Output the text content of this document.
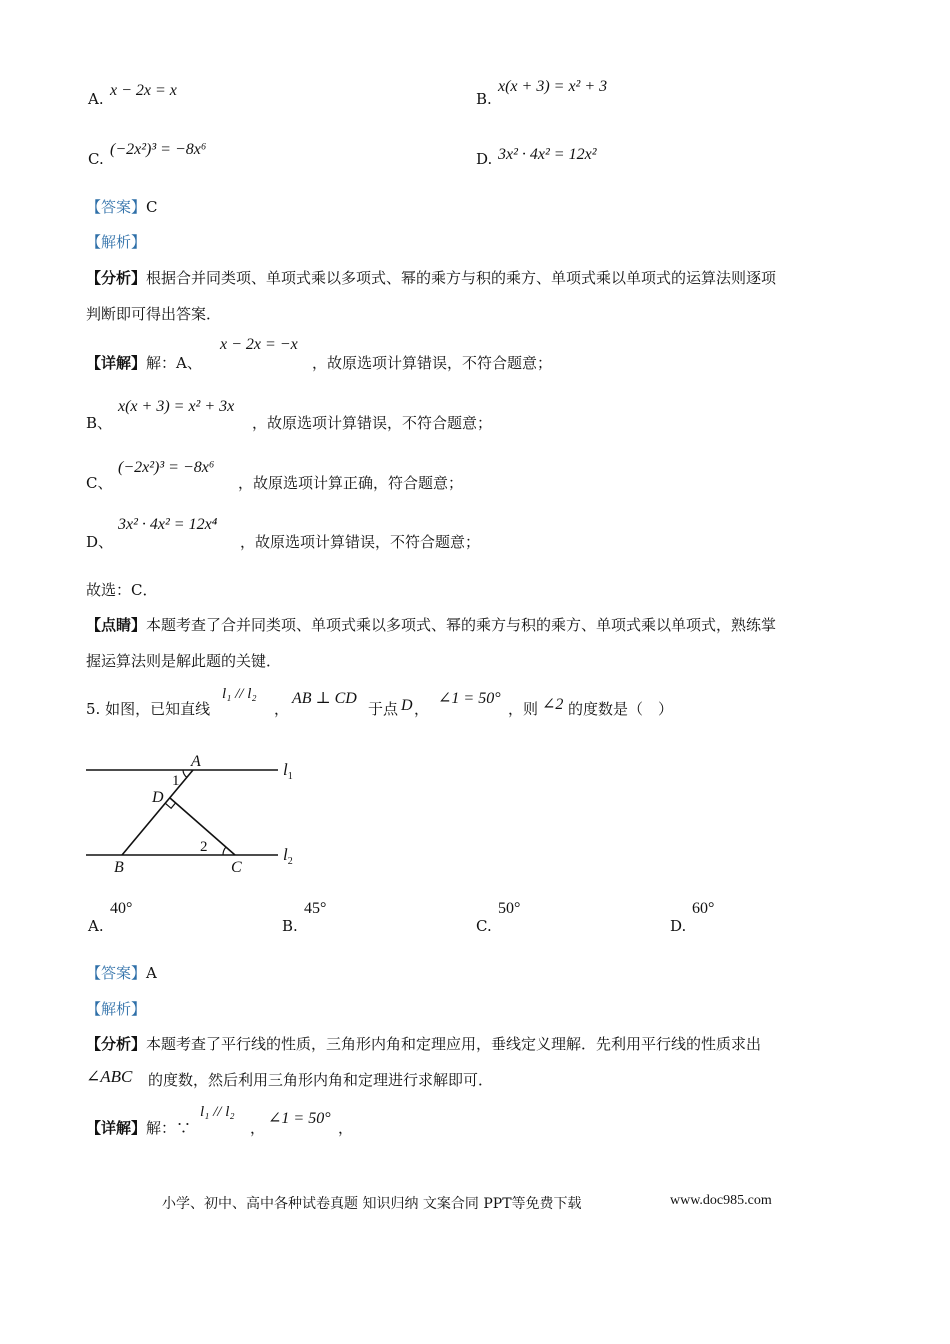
A. x − 2x = x	B.
x(x + 3) = x² + 3
C.
(−2x²)³ = −8x⁶
D. 3x² · 4x² = 12x²
【答案】C
【解析】
【分析】根据合并同类项、单项式乘以多项式、幂的乘方与积的乘方、单项式乘以单项式的运算法则逐项
判断即可得出答案．
【详解】解：A、
x − 2x = −x
，故原选项计算错误，不符合题意；
B、
x(x + 3) = x² + 3x
，故原选项计算错误，不符合题意；
C、
(−2x²)³ = −8x⁶
，故原选项计算正确，符合题意；
D、
3x² · 4x² = 12x⁴
，故原选项计算错误，不符合题意；
故选：C．
【点睛】本题考查了合并同类项、单项式乘以多项式、幂的乘方与积的乘方、单项式乘以单项式，熟练掌
握运算法则是解此题的关键．
5. 如图，已知直线
l₁ // l₂
，
AB ⊥ CD
于点 D ，
∠1 = 50°
，则 ∠2 的度数是（　）
A
1
D
2
B	C
$l_1$
$l_2$
A.
40°
B.
45°
C.
50°
D.
60°
【答案】A
【解析】
【分析】本题考查了平行线的性质，三角形内角和定理应用，垂线定义理解．先利用平行线的性质求出
∠ABC 的度数，然后利用三角形内角和定理进行求解即可．
【详解】解：∵
l₁ // l₂
，
∠1 = 50°
，
小学、初中、高中各种试卷真题 知识归纳 文案合同 PPT等免费下载	www.doc985.com
